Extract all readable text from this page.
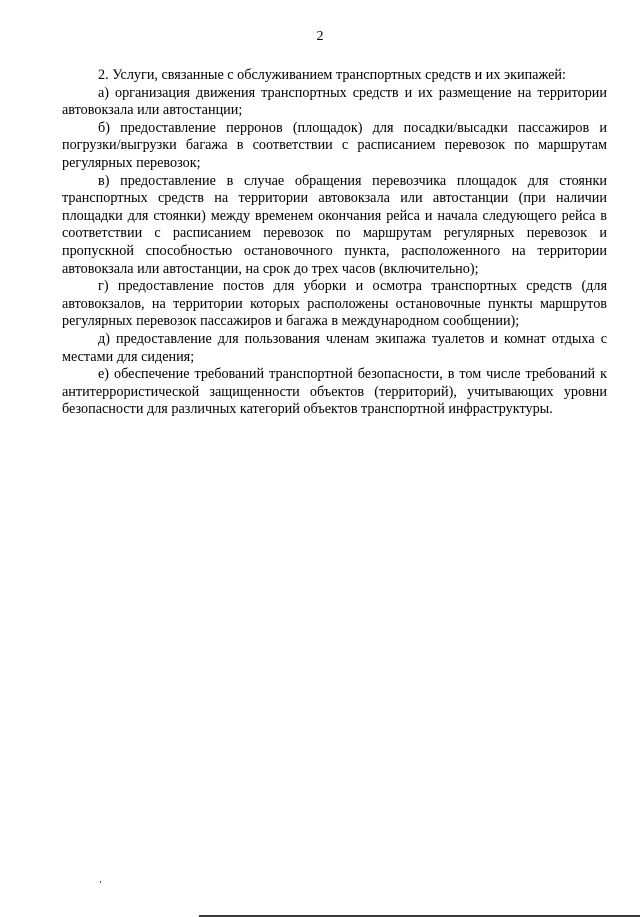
2

2. Услуги, связанные с обслуживанием транспортных средств и их экипажей:

а) организация движения транспортных средств и их размещение на территории автовокзала или автостанции;

б) предоставление перронов (площадок) для посадки/высадки пассажиров и погрузки/выгрузки багажа в соответствии с расписанием перевозок по маршрутам регулярных перевозок;

в) предоставление в случае обращения перевозчика площадок для стоянки транспортных средств на территории автовокзала или автостанции (при наличии площадки для стоянки) между временем окончания рейса и начала следующего рейса в соответствии с расписанием перевозок по маршрутам регулярных перевозок и пропускной способностью остановочного пункта, расположенного на территории автовокзала или автостанции, на срок до трех часов (включительно);

г) предоставление постов для уборки и осмотра транспортных средств (для автовокзалов, на территории которых расположены остановочные пункты маршрутов регулярных перевозок пассажиров и багажа в международном сообщении);

д) предоставление для пользования членам экипажа туалетов и комнат отдыха с местами для сидения;

е) обеспечение требований транспортной безопасности, в том числе требований к антитеррористической защищенности объектов (территорий), учитывающих уровни безопасности для различных категорий объектов транспортной инфраструктуры.

‚
